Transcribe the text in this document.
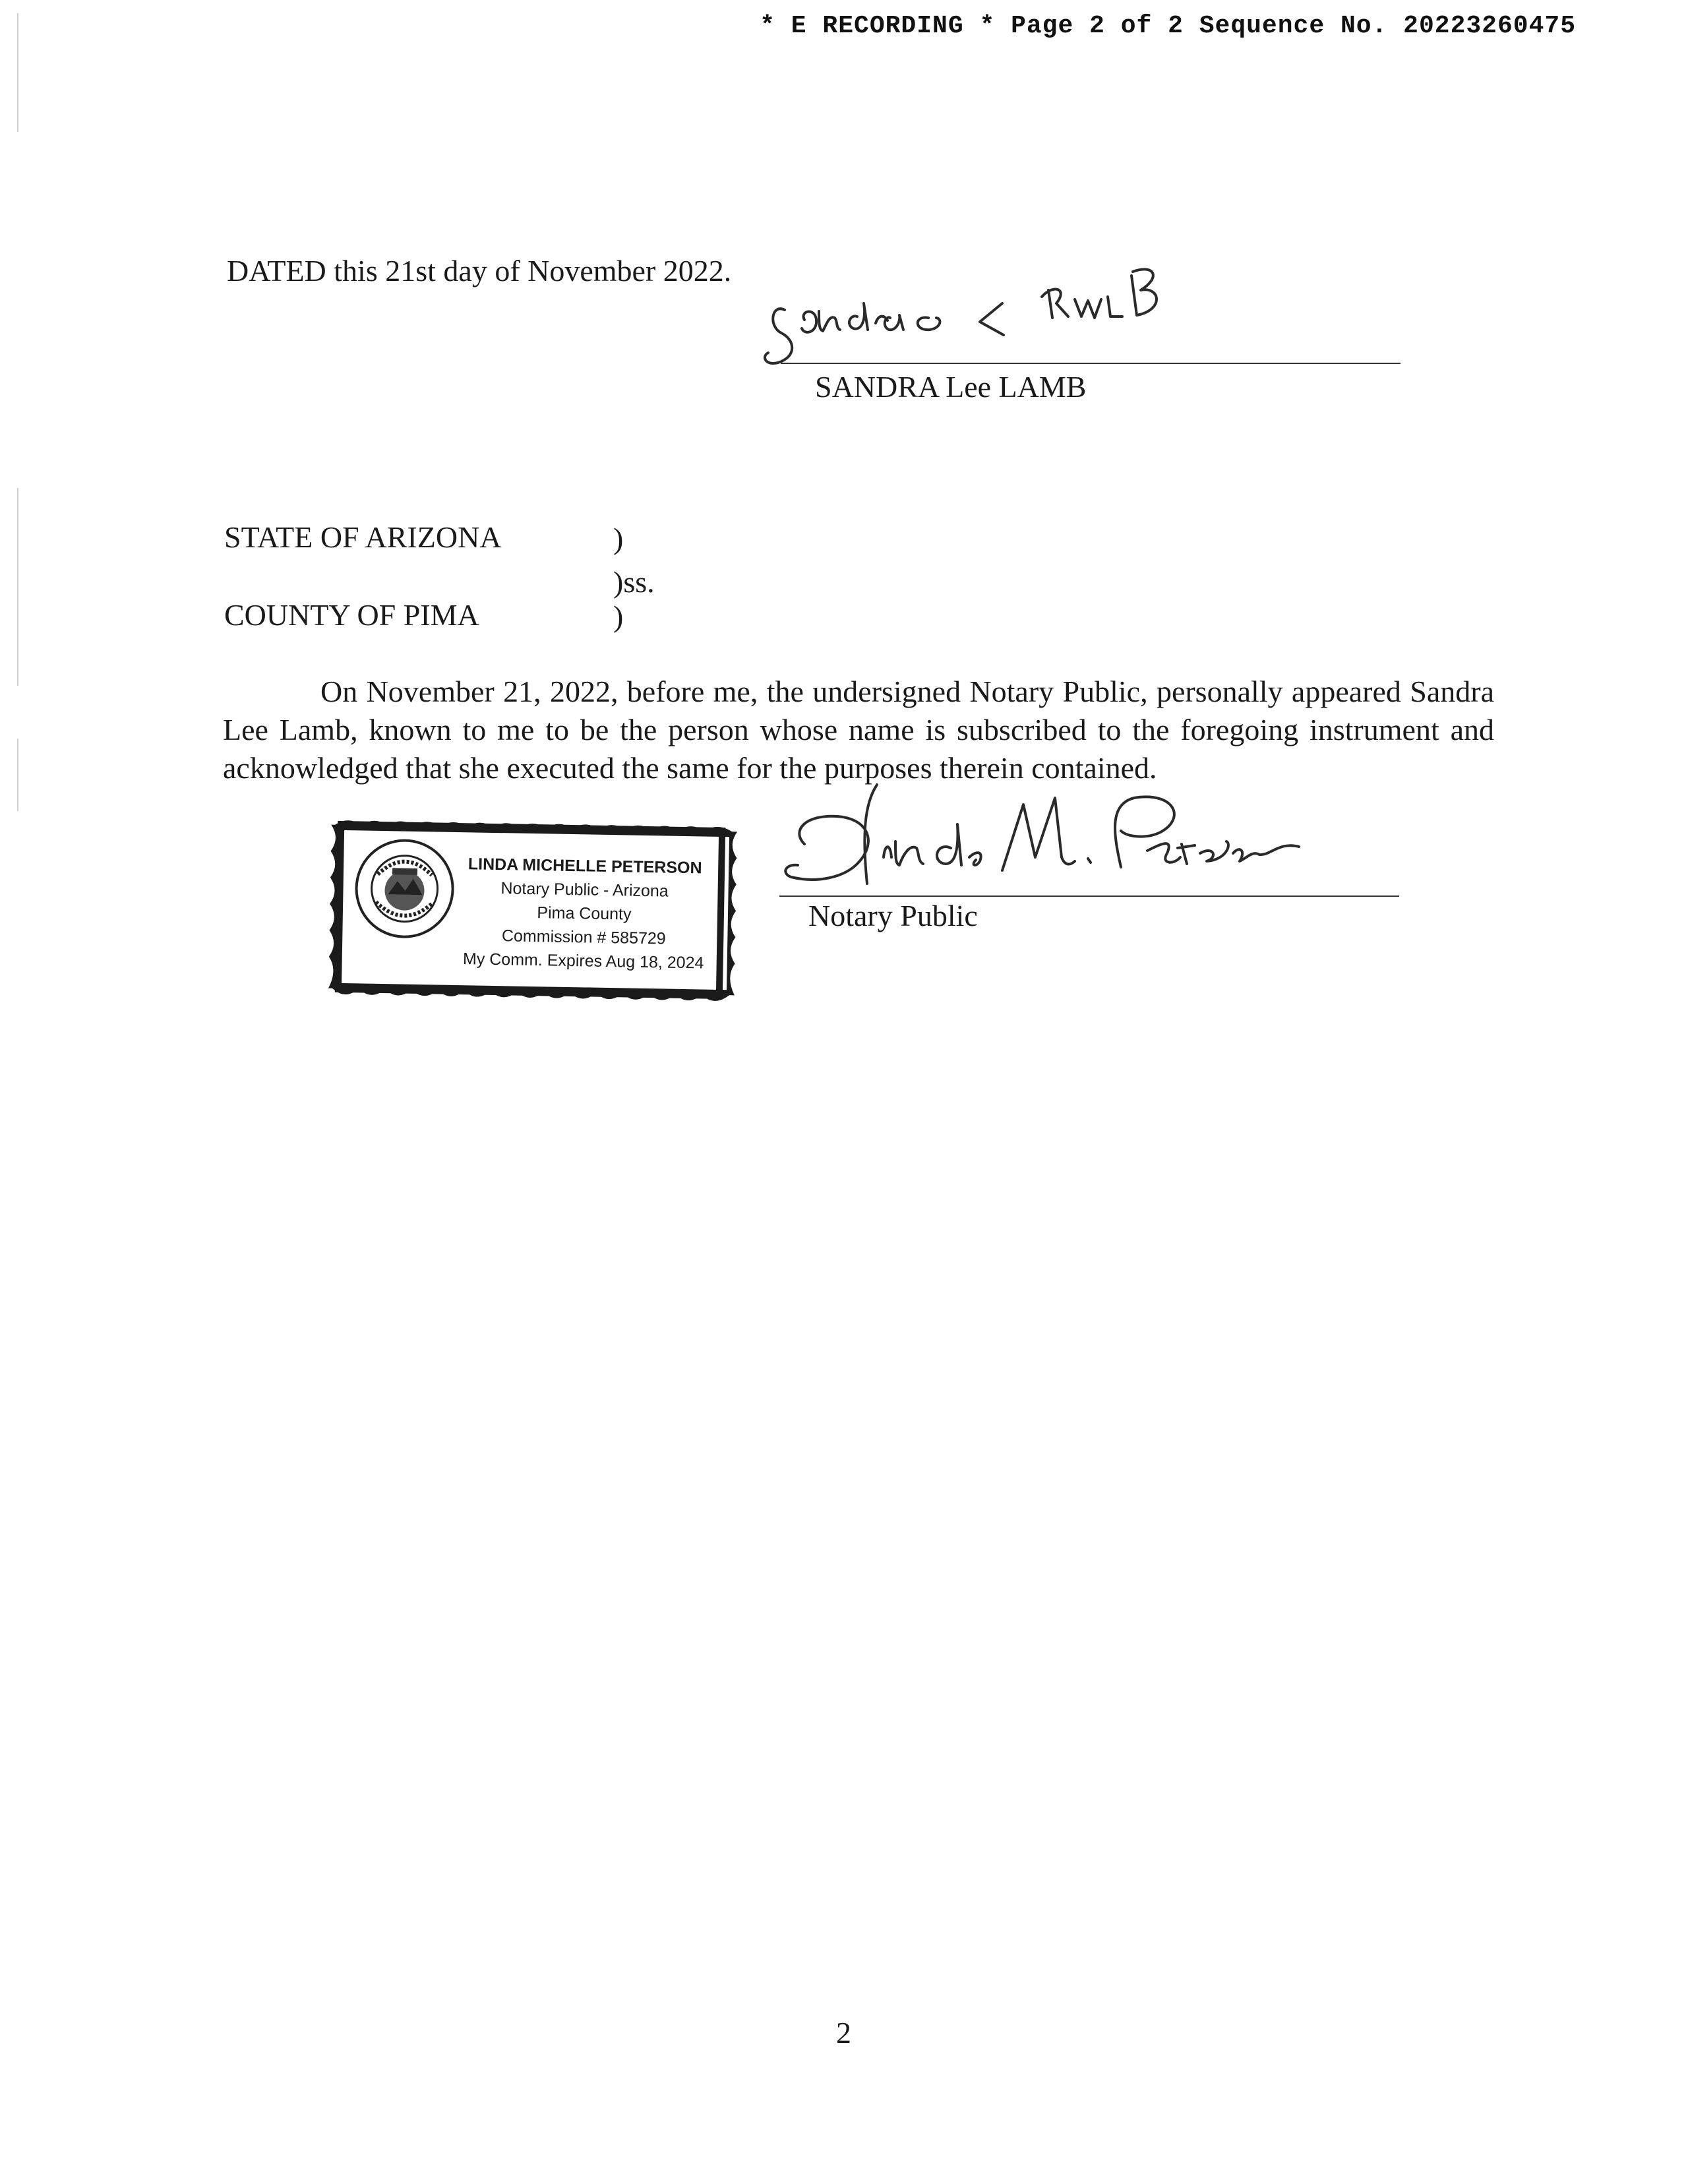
* E RECORDING * Page 2 of 2 Sequence No. 20223260475
DATED this 21st day of November 2022.
SANDRA Lee LAMB
STATE OF ARIZONA	)
)ss.
COUNTY OF PIMA	)
On November 21, 2022, before me, the undersigned Notary Public, personally appeared Sandra Lee Lamb, known to me to be the person whose name is subscribed to the foregoing instrument and acknowledged that she executed the same for the purposes therein contained.
LINDA MICHELLE PETERSON
Notary Public - Arizona
Pima County
Commission # 585729
My Comm. Expires Aug 18, 2024
Notary Public
2
